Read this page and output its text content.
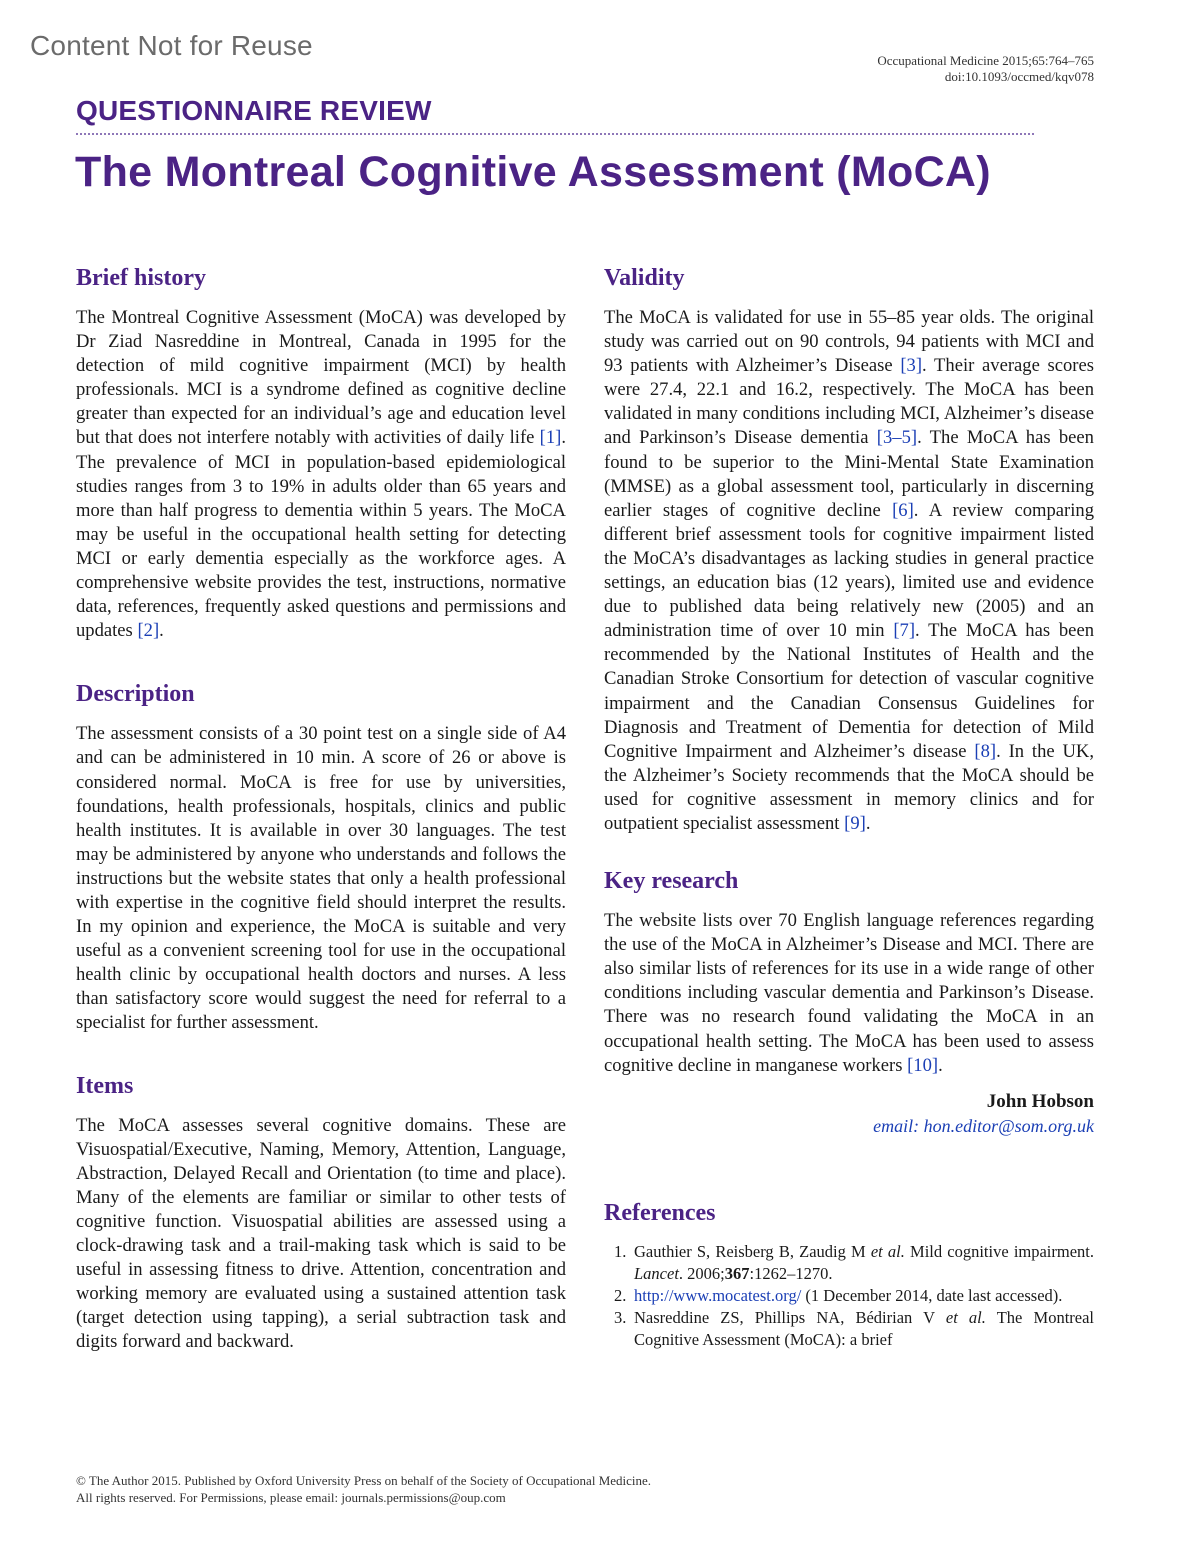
Content Not for Reuse	Occupational Medicine 2015;65:764–765
doi:10.1093/occmed/kqv078
QUESTIONNAIRE REVIEW
The Montreal Cognitive Assessment (MoCA)
Brief history

The Montreal Cognitive Assessment (MoCA) was developed by Dr Ziad Nasreddine in Montreal, Canada in 1995 for the detection of mild cognitive impairment (MCI) by health professionals. MCI is a syndrome defined as cognitive decline greater than expected for an individual’s age and education level but that does not interfere notably with activities of daily life [1]. The prevalence of MCI in population-based epidemiological studies ranges from 3 to 19% in adults older than 65 years and more than half progress to dementia within 5 years. The MoCA may be useful in the occupational health setting for detecting MCI or early dementia especially as the workforce ages. A comprehensive website provides the test, instructions, normative data, references, frequently asked questions and permissions and updates [2].

Description

The assessment consists of a 30 point test on a single side of A4 and can be administered in 10 min. A score of 26 or above is considered normal. MoCA is free for use by universities, foundations, health professionals, hospitals, clinics and public health institutes. It is available in over 30 languages. The test may be administered by anyone who understands and follows the instructions but the website states that only a health professional with expertise in the cognitive field should interpret the results. In my opinion and experience, the MoCA is suitable and very useful as a convenient screening tool for use in the occupational health clinic by occupational health doctors and nurses. A less than satisfactory score would suggest the need for referral to a specialist for further assessment.

Items

The MoCA assesses several cognitive domains. These are Visuospatial/Executive, Naming, Memory, Attention, Language, Abstraction, Delayed Recall and Orientation (to time and place). Many of the elements are familiar or similar to other tests of cognitive function. Visuospatial abilities are assessed using a clock-drawing task and a trail-making task which is said to be useful in assessing fitness to drive. Attention, concentration and working memory are evaluated using a sustained attention task (target detection using tapping), a serial subtraction task and digits forward and backward.

Validity

The MoCA is validated for use in 55–85 year olds. The original study was carried out on 90 controls, 94 patients with MCI and 93 patients with Alzheimer’s Disease [3]. Their average scores were 27.4, 22.1 and 16.2, respectively. The MoCA has been validated in many conditions including MCI, Alzheimer’s disease and Parkinson’s Disease dementia [3–5]. The MoCA has been found to be superior to the Mini-Mental State Examination (MMSE) as a global assessment tool, particularly in discerning earlier stages of cognitive decline [6]. A review comparing different brief assessment tools for cognitive impairment listed the MoCA’s disadvantages as lacking studies in general practice settings, an education bias (12 years), limited use and evidence due to published data being relatively new (2005) and an administration time of over 10 min [7]. The MoCA has been recommended by the National Institutes of Health and the Canadian Stroke Consortium for detection of vascular cognitive impairment and the Canadian Consensus Guidelines for Diagnosis and Treatment of Dementia for detection of Mild Cognitive Impairment and Alzheimer’s disease [8]. In the UK, the Alzheimer’s Society recommends that the MoCA should be used for cognitive assessment in memory clinics and for outpatient specialist assessment [9].

Key research

The website lists over 70 English language references regarding the use of the MoCA in Alzheimer’s Disease and MCI. There are also similar lists of references for its use in a wide range of other conditions including vascular dementia and Parkinson’s Disease. There was no research found validating the MoCA in an occupational health setting. The MoCA has been used to assess cognitive decline in manganese workers [10].

John Hobson
email: hon.editor@som.org.uk
References
1. Gauthier S, Reisberg B, Zaudig M et al. Mild cognitive impairment. Lancet. 2006;367:1262–1270.
2. http://www.mocatest.org/ (1 December 2014, date last accessed).
3. Nasreddine ZS, Phillips NA, Bédirian V et al. The Montreal Cognitive Assessment (MoCA): a brief
© The Author 2015. Published by Oxford University Press on behalf of the Society of Occupational Medicine.
All rights reserved. For Permissions, please email: journals.permissions@oup.com
